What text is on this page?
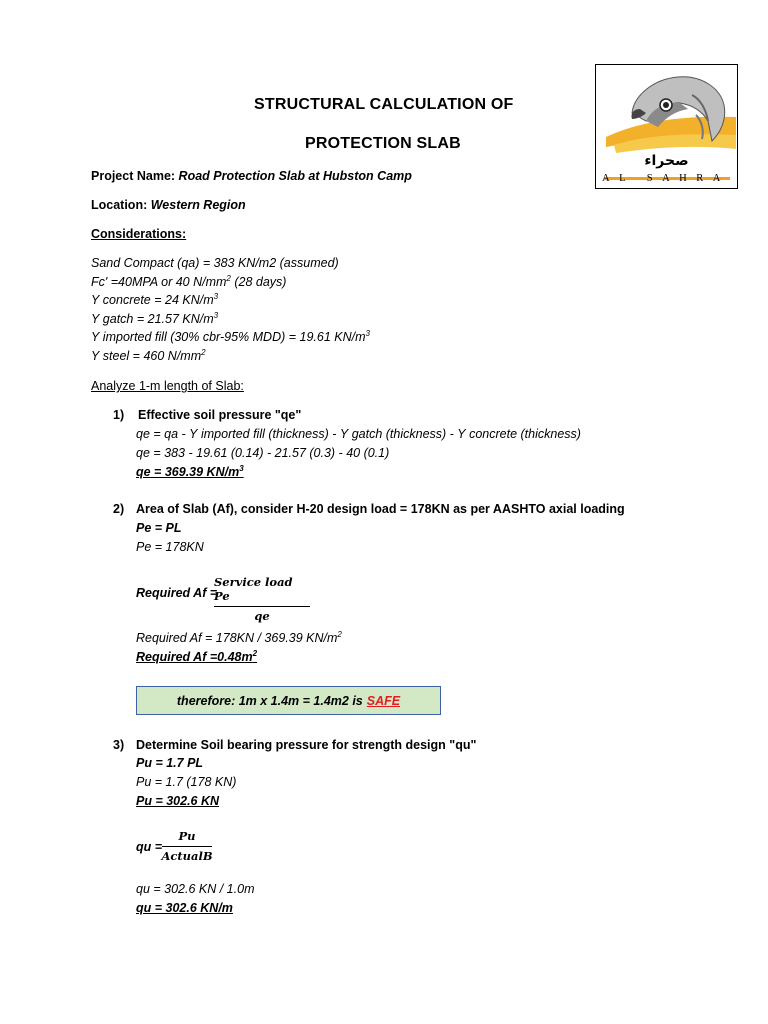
صحراء
AL SAHRA
STRUCTURAL CALCULATION OF
PROTECTION SLAB
Project Name: Road Protection Slab at Hubston Camp
Location: Western Region
Considerations:
Sand Compact (qa) = 383 KN/m2 (assumed)
Fc' =40MPA or 40 $N/mm^2$ (28 days)
Υ concrete = 24 $KN/m^3$
Υ gatch = 21.57 $KN/m^3$
Υ imported fill (30% cbr-95% MDD) = 19.61 $KN/m^3$
Υ steel = 460 $N/mm^2$
Analyze 1-m length of Slab:
1) Effective soil pressure "qe"
qe = qa - Υ imported fill (thickness) - Υ gatch (thickness) - Υ concrete (thickness)
qe = 383 - 19.61 (0.14) - 21.57 (0.3) - 40 (0.1)
qe = 369.39 $KN/m^3$
2) Area of Slab (Af), consider H-20 design load = 178KN as per AASHTO axial loading
Pe = PL
Pe = 178KN
Required Af =
Service load Pe
qe
Required Af = 178KN / 369.39 $KN/m^2$
Required $Af =0.48m^2$
therefore: 1m x 1.4m = 1.4m2 is SAFE
3) Determine Soil bearing pressure for strength design "qu"
Pu = 1.7 PL
Pu = 1.7 (178 KN)
Pu = 302.6 KN
qu =
Pu
ActualB
qu = 302.6 KN / 1.0m
qu = 302.6 KN/m
